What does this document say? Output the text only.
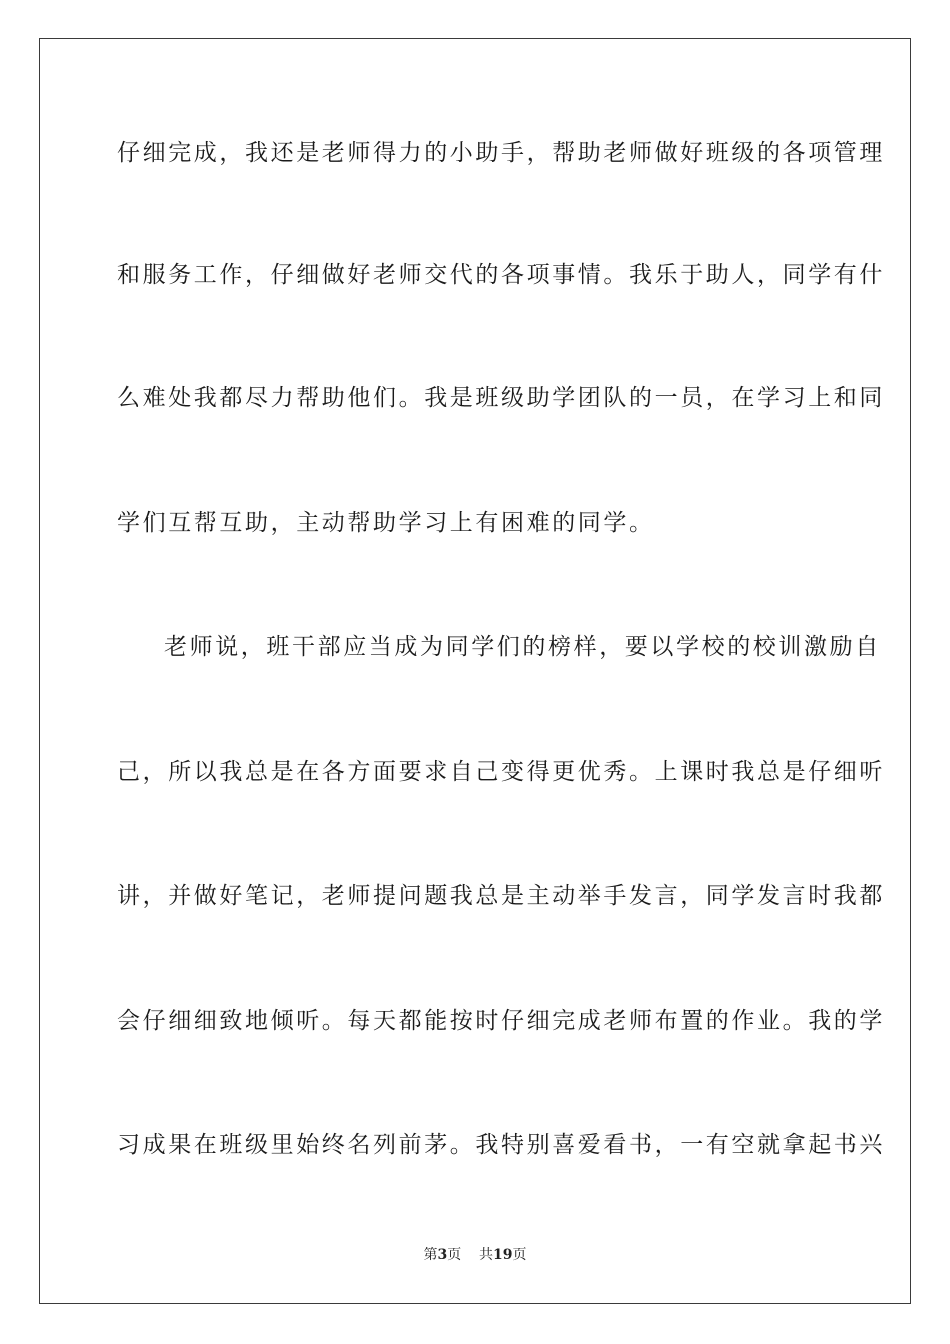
仔细完成，我还是老师得力的小助手，帮助老师做好班级的各项管理
和服务工作，仔细做好老师交代的各项事情。我乐于助人，同学有什
么难处我都尽力帮助他们。我是班级助学团队的一员，在学习上和同
学们互帮互助，主动帮助学习上有困难的同学。
老师说，班干部应当成为同学们的榜样，要以学校的校训激励自
己，所以我总是在各方面要求自己变得更优秀。上课时我总是仔细听
讲，并做好笔记，老师提问题我总是主动举手发言，同学发言时我都
会仔细细致地倾听。每天都能按时仔细完成老师布置的作业。我的学
习成果在班级里始终名列前茅。我特别喜爱看书，一有空就拿起书兴
第3页 共19页
